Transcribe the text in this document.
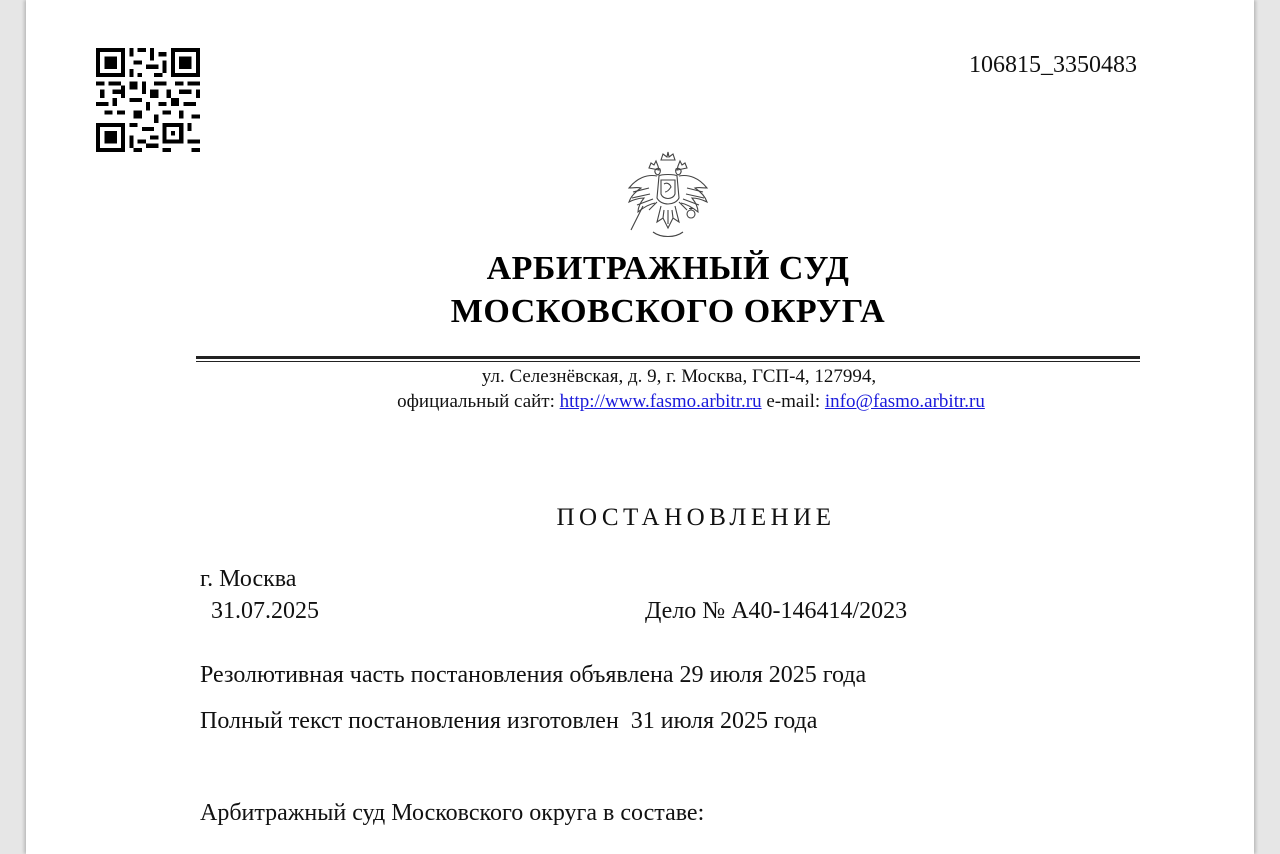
106815_3350483
АРБИТРАЖНЫЙ СУД
МОСКОВСКОГО ОКРУГА
ул. Селезнёвская, д. 9, г. Москва, ГСП-4, 127994,
официальный сайт: http://www.fasmo.arbitr.ru e-mail: info@fasmo.arbitr.ru
ПОСТАНОВЛЕНИЕ
г. Москва
31.07.2025	Дело № А40-146414/2023
Резолютивная часть постановления объявлена 29 июля 2025 года
Полный текст постановления изготовлен  31 июля 2025 года
Арбитражный суд Московского округа в составе:
